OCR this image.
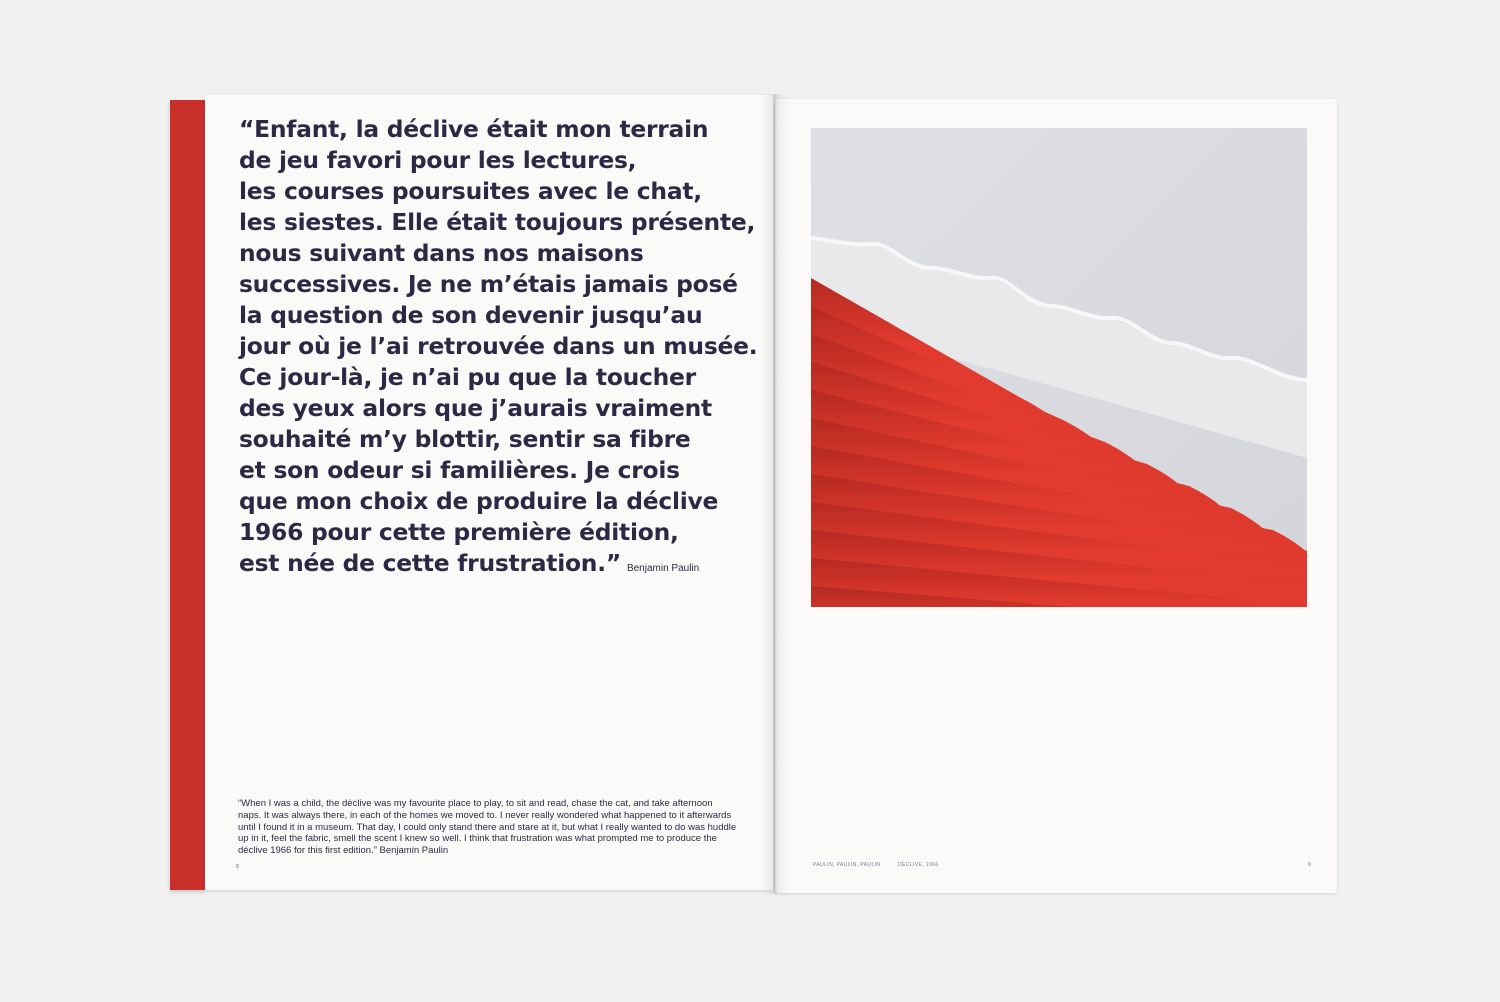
“Enfant, la déclive était mon terrain
de jeu favori pour les lectures,
les courses poursuites avec le chat,
les siestes. Elle était toujours présente,
nous suivant dans nos maisons
successives. Je ne m’étais jamais posé
la question de son devenir jusqu’au
jour où je l’ai retrouvée dans un musée.
Ce jour-là, je n’ai pu que la toucher
des yeux alors que j’aurais vraiment
souhaité m’y blottir, sentir sa fibre
et son odeur si familières. Je crois
que mon choix de produire la déclive
1966 pour cette première édition,
est née de cette frustration.” Benjamin Paulin

“When I was a child, the déclive was my favourite place to play, to sit and read, chase the cat, and take afternoon naps. It was always there, in each of the homes we moved to. I never really wondered what happened to it afterwards until I found it in a museum. That day, I could only stand there and stare at it, but what I really wanted to do was huddle up in it, feel the fabric, smell the scent I knew so well. I think that frustration was what prompted me to produce the déclive 1966 for this first edition.” Benjamin Paulin

8	PAULIN, PAULIN, PAULIN	DÉCLIVE, 1966	9
